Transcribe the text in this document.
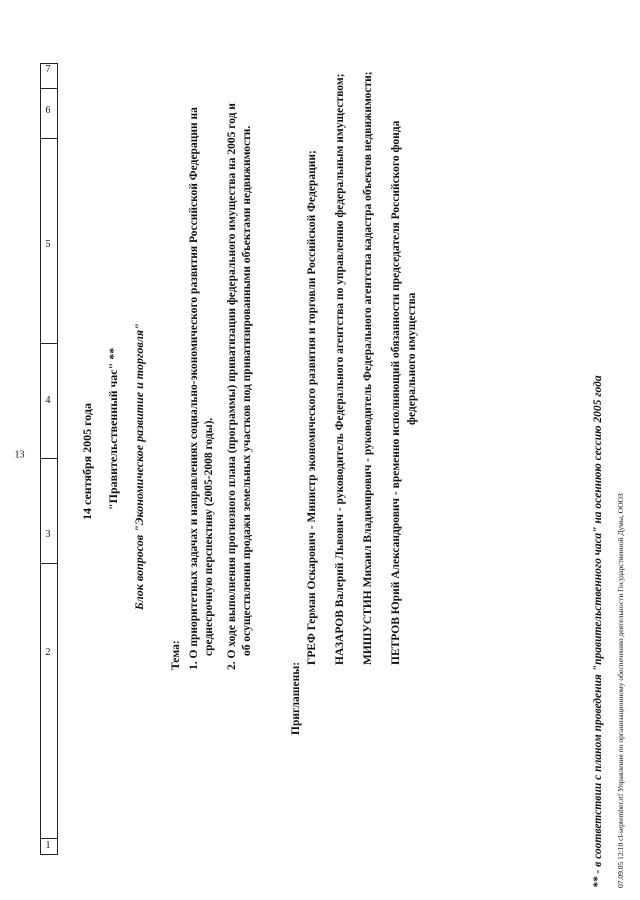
1
2
3
4
5
6
7
13	14 сентября 2005 года "Правительственный час" ** Блок вопросов "Экономическое развитие и торговля"
Тема: 1. О приоритетных задачах и направлениях социально-экономического развития Российской Федерации на среднесрочную перспективу (2005-2008 годы). 2. О ходе выполнения прогнозного плана (программы) приватизации федерального имущества на 2005 год и об осуществлении продажи земельных участков под приватизированными объектами недвижимости.
Приглашены:
ГРЕФ Герман Оскарович - Министр экономического развития и торговли Российской Федерации; НАЗАРОВ Валерий Львович - руководитель Федерального агентства по управлению федеральным имуществом; МИШУСТИН Михаил Владимирович - руководитель Федерального агентства кадастра объектов недвижимости; ПЕТРОВ Юрий Александрович - временно исполняющий обязанности председателя Российского фонда федерального имущества
** - в соответствии с планом проведения "правительственного часа" на осеннюю сессию 2005 года 07.09.05 12:10 cl-september.rtf Управление по организационному обеспечению деятельности Государственной Думы, ООО3
